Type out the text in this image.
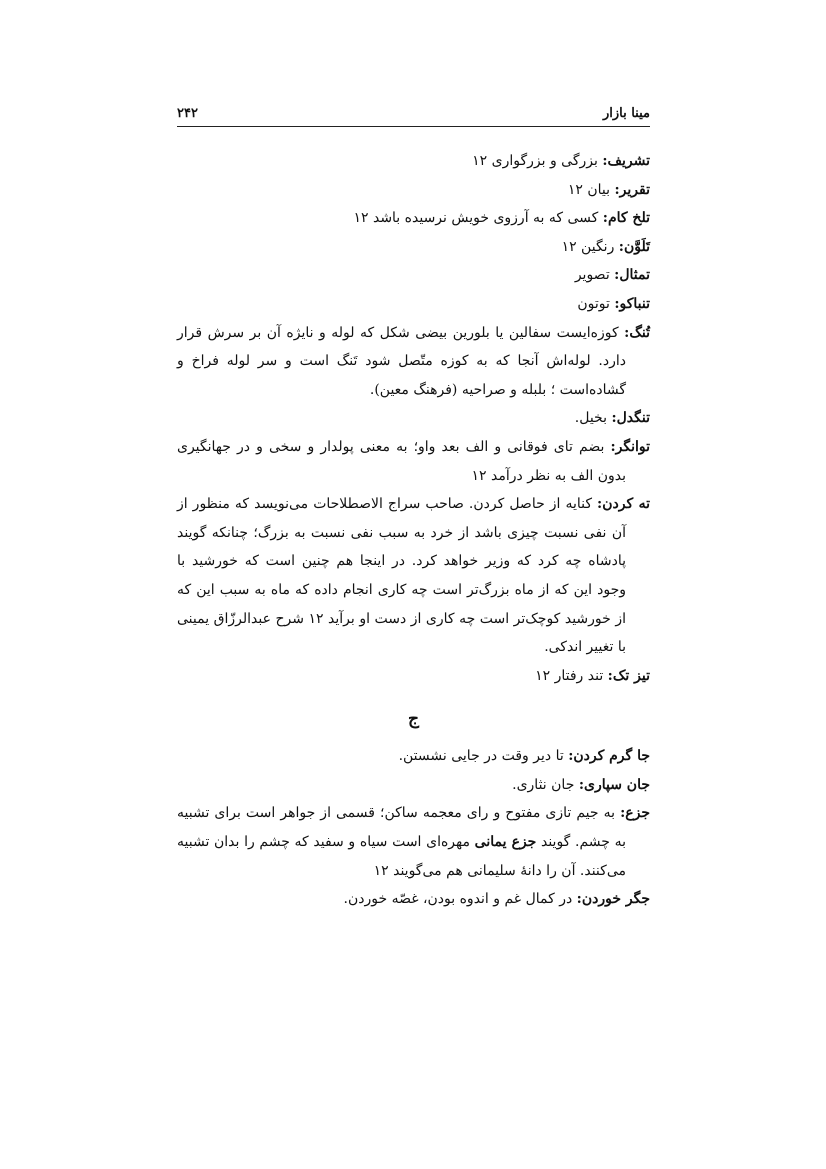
مینا بازار
۲۴۲

تشریف: بزرگی و بزرگواری ۱۲

تقریر: بیان ۱۲

تلخ کام: کسی که به آرزوی خویش نرسیده باشد ۱۲

تَلَوَّن: رنگین ۱۲

تمثال: تصویر

تنباکو: توتون

تُنگ: کوزه‌ایست سفالین یا بلورین بیضی شکل که لوله و نایژه آن بر سرش قرار دارد. لوله‌اش آنجا که به کوزه متّصل شود تَنگ است و سر لوله فراخ و گشاده‌است ؛ بلبله و صراحیه (فرهنگ معین).

تنگدل: بخیل.

توانگر: بضم تای فوقانی و الف بعد واو؛ به معنی پولدار و سخی و در جهانگیری بدون الف به نظر درآمد ۱۲

ته کردن: کنایه از حاصل کردن. صاحب سراج الاصطلاحات می‌نویسد که منظور از آن نفی نسبت چیزی باشد از خرد به سبب نفی نسبت به بزرگ؛ چنانکه گویند پادشاه چه کرد که وزیر خواهد کرد. در اینجا هم چنین است که خورشید با وجود این که از ماه بزرگ‌تر است چه کاری انجام داده که ماه به سبب این که از خورشید کوچک‌تر است چه کاری از دست او برآید ۱۲ شرح عبدالرزّاق یمینی با تغییر اندکی.

تیز تک: تند رفتار ۱۲

ج

جا گرم کردن: تا دیر وقت در جایی نشستن.

جان سپاری: جان نثاری.

جزع: به جیم تازی مفتوح و رای معجمه ساکن؛ قسمی از جواهر است برای تشبیه به چشم. گویند جزع یمانی مهره‌ای است سیاه و سفید که چشم را بدان تشبیه می‌کنند. آن را دانهٔ سلیمانی هم می‌گویند ۱۲

جگر خوردن: در کمال غم و اندوه بودن، غصّه خوردن.
